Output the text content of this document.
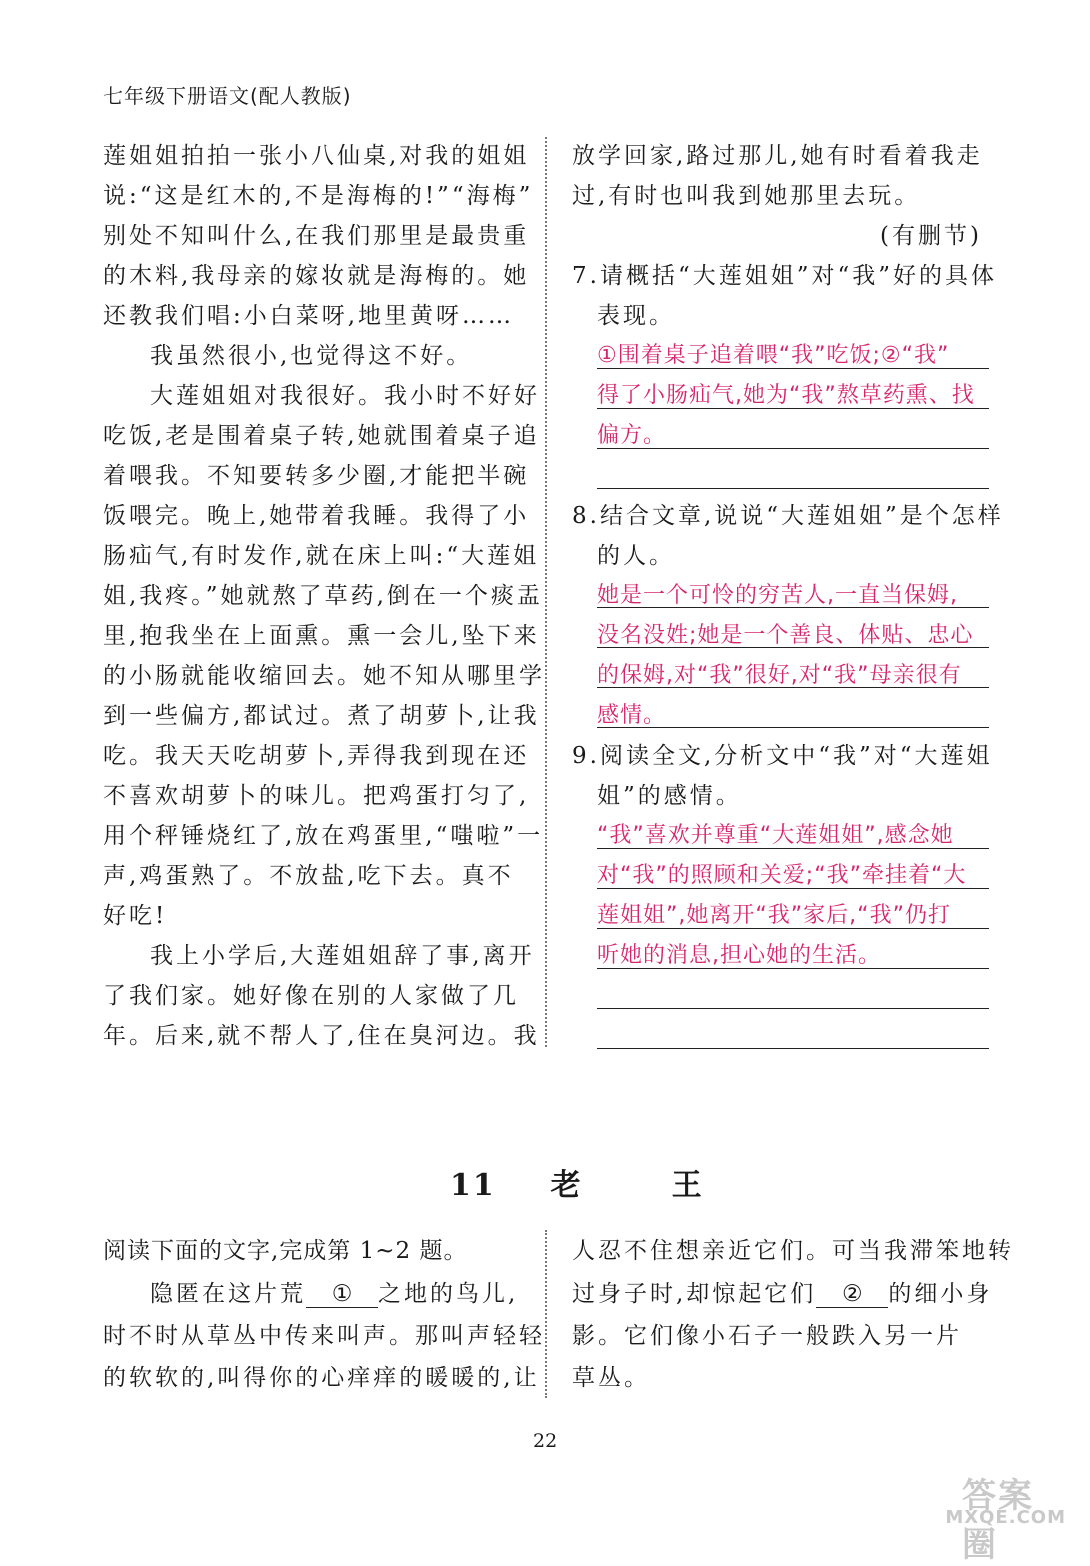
七年级下册语文(配人教版)
莲姐姐拍拍一张小八仙桌,对我的姐姐
说:“这是红木的,不是海梅的!”“海梅”
别处不知叫什么,在我们那里是最贵重
的木料,我母亲的嫁妆就是海梅的。她
还教我们唱:小白菜呀,地里黄呀……
我虽然很小,也觉得这不好。
大莲姐姐对我很好。我小时不好好
吃饭,老是围着桌子转,她就围着桌子追
着喂我。不知要转多少圈,才能把半碗
饭喂完。晚上,她带着我睡。我得了小
肠疝气,有时发作,就在床上叫:“大莲姐
姐,我疼。”她就熬了草药,倒在一个痰盂
里,抱我坐在上面熏。熏一会儿,坠下来
的小肠就能收缩回去。她不知从哪里学
到一些偏方,都试过。煮了胡萝卜,让我
吃。我天天吃胡萝卜,弄得我到现在还
不喜欢胡萝卜的味儿。把鸡蛋打匀了,
用个秤锤烧红了,放在鸡蛋里,“嗤啦”一
声,鸡蛋熟了。不放盐,吃下去。真不
好吃!
我上小学后,大莲姐姐辞了事,离开
了我们家。她好像在别的人家做了几
年。后来,就不帮人了,住在臭河边。我
放学回家,路过那儿,她有时看着我走
过,有时也叫我到她那里去玩。
(有删节)
7.请概括“大莲姐姐”对“我”好的具体
表现。
①围着桌子追着喂“我”吃饭;②“我”
得了小肠疝气,她为“我”熬草药熏、找
偏方。
8.结合文章,说说“大莲姐姐”是个怎样
的人。
她是一个可怜的穷苦人,一直当保姆,
没名没姓;她是一个善良、体贴、忠心
的保姆,对“我”很好,对“我”母亲很有
感情。
9.阅读全文,分析文中“我”对“大莲姐
姐”的感情。
“我”喜欢并尊重“大莲姐姐”,感念她
对“我”的照顾和关爱;“我”牵挂着“大
莲姐姐”,她离开“我”家后,“我”仍打
听她的消息,担心她的生活。
11 老	王
阅读下面的文字,完成第 1~2 题。
隐匿在这片荒 ① 之地的鸟儿,
时不时从草丛中传来叫声。那叫声轻轻
的软软的,叫得你的心痒痒的暖暖的,让
人忍不住想亲近它们。可当我滞笨地转
过身子时,却惊起它们 ② 的细小身
影。它们像小石子一般跌入另一片
草丛。
22
答案圈
MXQE.COM
